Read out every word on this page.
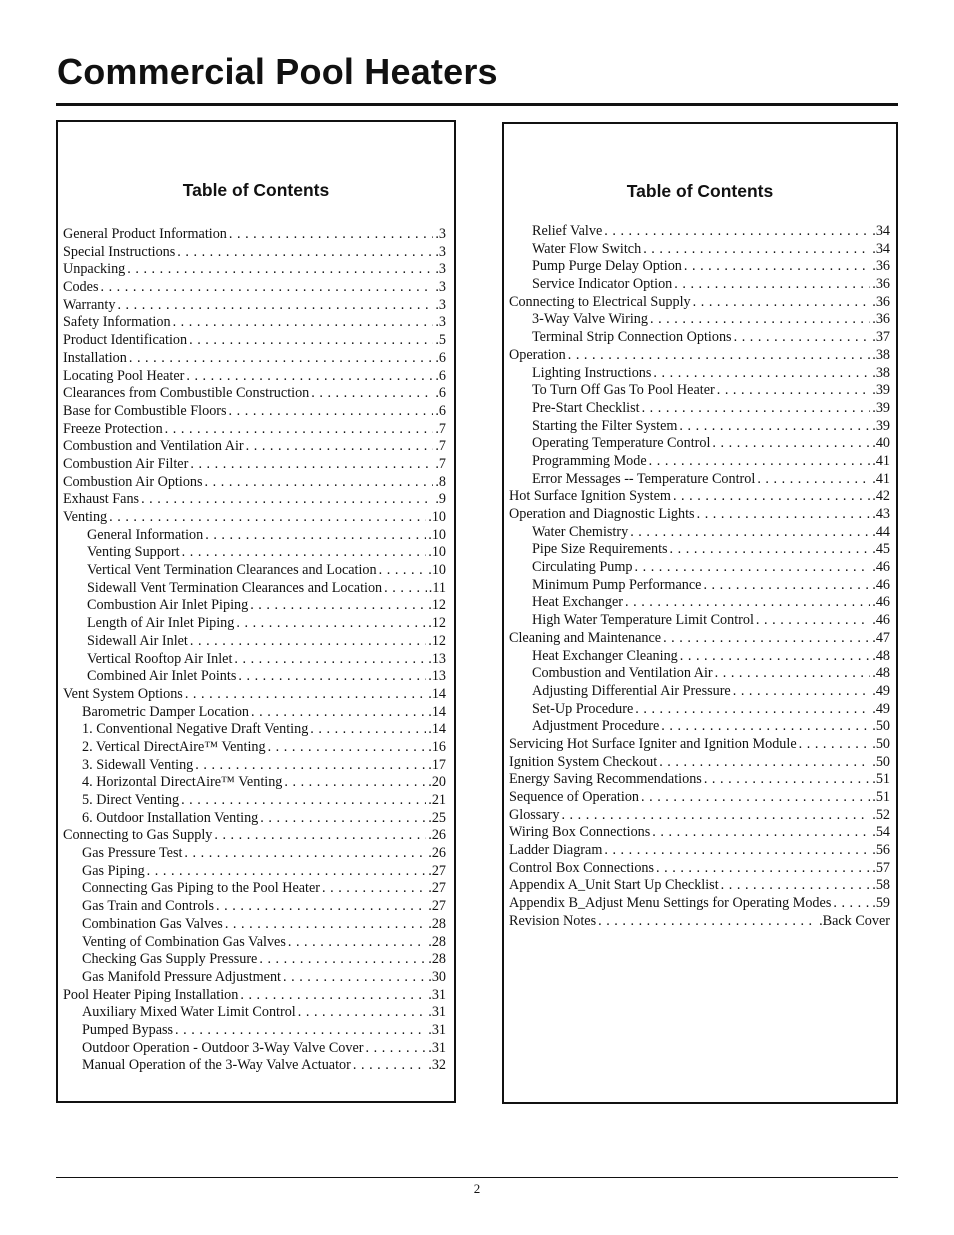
Commercial Pool Heaters
Table of Contents
General Product Information . . .	.3
Special Instructions . . .	.3
Unpacking . . .	.3
Codes . . .	.3
Warranty . . .	.3
Safety Information . . .	.3
Product Identification . . .	.5
Installation . . .	.6
Locating Pool Heater . . .	.6
Clearances from Combustible Construction . . .	.6
Base for Combustible Floors . . .	.6
Freeze Protection . . .	.7
Combustion and Ventilation Air . . .	.7
Combustion Air Filter . . .	.7
Combustion Air Options . . .	.8
Exhaust Fans . . .	.9
Venting . . .	.10
General Information . . .	.10
Venting Support . . .	.10
Vertical Vent Termination Clearances and Location . . .	.10
Sidewall Vent Termination Clearances and Location . . .	.11
Combustion Air Inlet Piping . . .	.12
Length of Air Inlet Piping . . .	.12
Sidewall Air Inlet . . .	.12
Vertical Rooftop Air Inlet . . .	.13
Combined Air Inlet Points . . .	.13
Vent System Options . . .	.14
Barometric Damper Location . . .	.14
1. Conventional Negative Draft Venting . . .	.14
2. Vertical DirectAire™ Venting . . .	.16
3. Sidewall Venting . . .	.17
4. Horizontal DirectAire™ Venting . . .	.20
5. Direct Venting . . .	.21
6. Outdoor Installation Venting . . .	.25
Connecting to Gas Supply . . .	.26
Gas Pressure Test . . .	.26
Gas Piping . . .	.27
Connecting Gas Piping to the Pool Heater . . .	.27
Gas Train and Controls . . .	.27
Combination Gas Valves . . .	.28
Venting of Combination Gas Valves . . .	.28
Checking Gas Supply Pressure . . .	.28
Gas Manifold Pressure Adjustment . . .	.30
Pool Heater Piping Installation . . .	.31
Auxiliary Mixed Water Limit Control . . .	.31
Pumped Bypass . . .	.31
Outdoor Operation - Outdoor 3-Way Valve Cover . . .	.31
Manual Operation of the 3-Way Valve Actuator . . .	.32
Table of Contents
Relief Valve . . .	.34
Water Flow Switch . . .	.34
Pump Purge Delay Option . . .	.36
Service Indicator Option . . .	.36
Connecting to Electrical Supply . . .	.36
3-Way Valve Wiring . . .	.36
Terminal Strip Connection Options . . .	.37
Operation . . .	.38
Lighting Instructions . . .	.38
To Turn Off Gas To Pool Heater . . .	.39
Pre-Start Checklist . . .	.39
Starting the Filter System . . .	.39
Operating Temperature Control . . .	.40
Programming Mode . . .	.41
Error Messages -- Temperature Control . . .	.41
Hot Surface Ignition System . . .	.42
Operation and Diagnostic Lights . . .	.43
Water Chemistry . . .	.44
Pipe Size Requirements . . .	.45
Circulating Pump . . .	.46
Minimum Pump Performance . . .	.46
Heat Exchanger . . .	.46
High Water Temperature Limit Control . . .	.46
Cleaning and Maintenance . . .	.47
Heat Exchanger Cleaning . . .	.48
Combustion and Ventilation Air . . .	.48
Adjusting Differential Air Pressure . . .	.49
Set-Up Procedure . . .	.49
Adjustment Procedure . . .	.50
Servicing Hot Surface Igniter and Ignition Module . . .	.50
Ignition System Checkout . . .	.50
Energy Saving Recommendations . . .	.51
Sequence of Operation . . .	.51
Glossary . . .	.52
Wiring Box Connections . . .	.54
Ladder Diagram . . .	.56
Control Box Connections . . .	.57
Appendix A_Unit Start Up Checklist . . .	.58
Appendix B_Adjust Menu Settings for Operating Modes . . .	.59
Revision Notes . . .	.Back Cover
2
